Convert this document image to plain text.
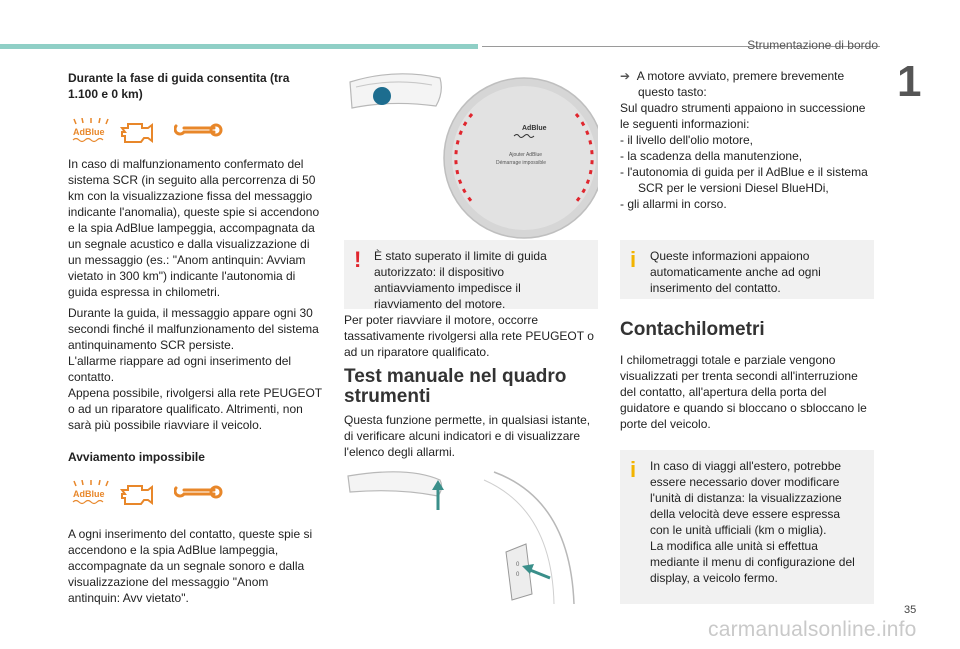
Strumentazione di bordo
1

Durante la fase di guida consentita (tra 1.100 e 0 km)

AdBlue

In caso di malfunzionamento confermato del sistema SCR (in seguito alla percorrenza di 50 km con la visualizzazione fissa del messaggio indicante l'anomalia), queste spie si accendono e la spia AdBlue lampeggia, accompagnata da un segnale acustico e dalla visualizzazione di un messaggio (es.: "Anom antinquin: Avviam vietato in 300 km") indicante l'autonomia di guida espressa in chilometri.

Durante la guida, il messaggio appare ogni 30 secondi finché il malfunzionamento del sistema antinquinamento SCR persiste.

L'allarme riappare ad ogni inserimento del contatto.

Appena possibile, rivolgersi alla rete PEUGEOT o ad un riparatore qualificato. Altrimenti, non sarà più possibile riavviare il veicolo.

Avviamento impossibile

AdBlue

A ogni inserimento del contatto, queste spie si accendono e la spia AdBlue lampeggia, accompagnate da un segnale sonoro e dalla visualizzazione del messaggio "Anom antinquin: Avv vietato".

AdBlue
Ajouter AdBlue
Démarrage impossible
! È stato superato il limite di guida autorizzato: il dispositivo antiavviamento impedisce il riavviamento del motore.

Per poter riavviare il motore, occorre tassativamente rivolgersi alla rete PEUGEOT o ad un riparatore qualificato.

Test manuale nel quadro strumenti

Questa funzione permette, in qualsiasi istante, di verificare alcuni indicatori e di visualizzare l'elenco degli allarmi.

0
0

➔  A motore avviato, premere brevemente questo tasto:

Sul quadro strumenti appaiono in successione le seguenti informazioni:

- il livello dell'olio motore,
- la scadenza della manutenzione,
- l'autonomia di guida per il AdBlue e il sistema SCR per le versioni Diesel BlueHDi,
- gli allarmi in corso.
i Queste informazioni appaiono automaticamente anche ad ogni inserimento del contatto.
Contachilometri

I chilometraggi totale e parziale vengono visualizzati per trenta secondi all'interruzione del contatto, all'apertura della porta del guidatore e quando si bloccano o sbloccano le porte del veicolo.

i In caso di viaggi all'estero, potrebbe essere necessario dover modificare l'unità di distanza: la visualizzazione della velocità deve essere espressa con le unità ufficiali (km o miglia).

La modifica alle unità si effettua mediante il menu di configurazione del display, a veicolo fermo.

35
carmanualsonline.info
